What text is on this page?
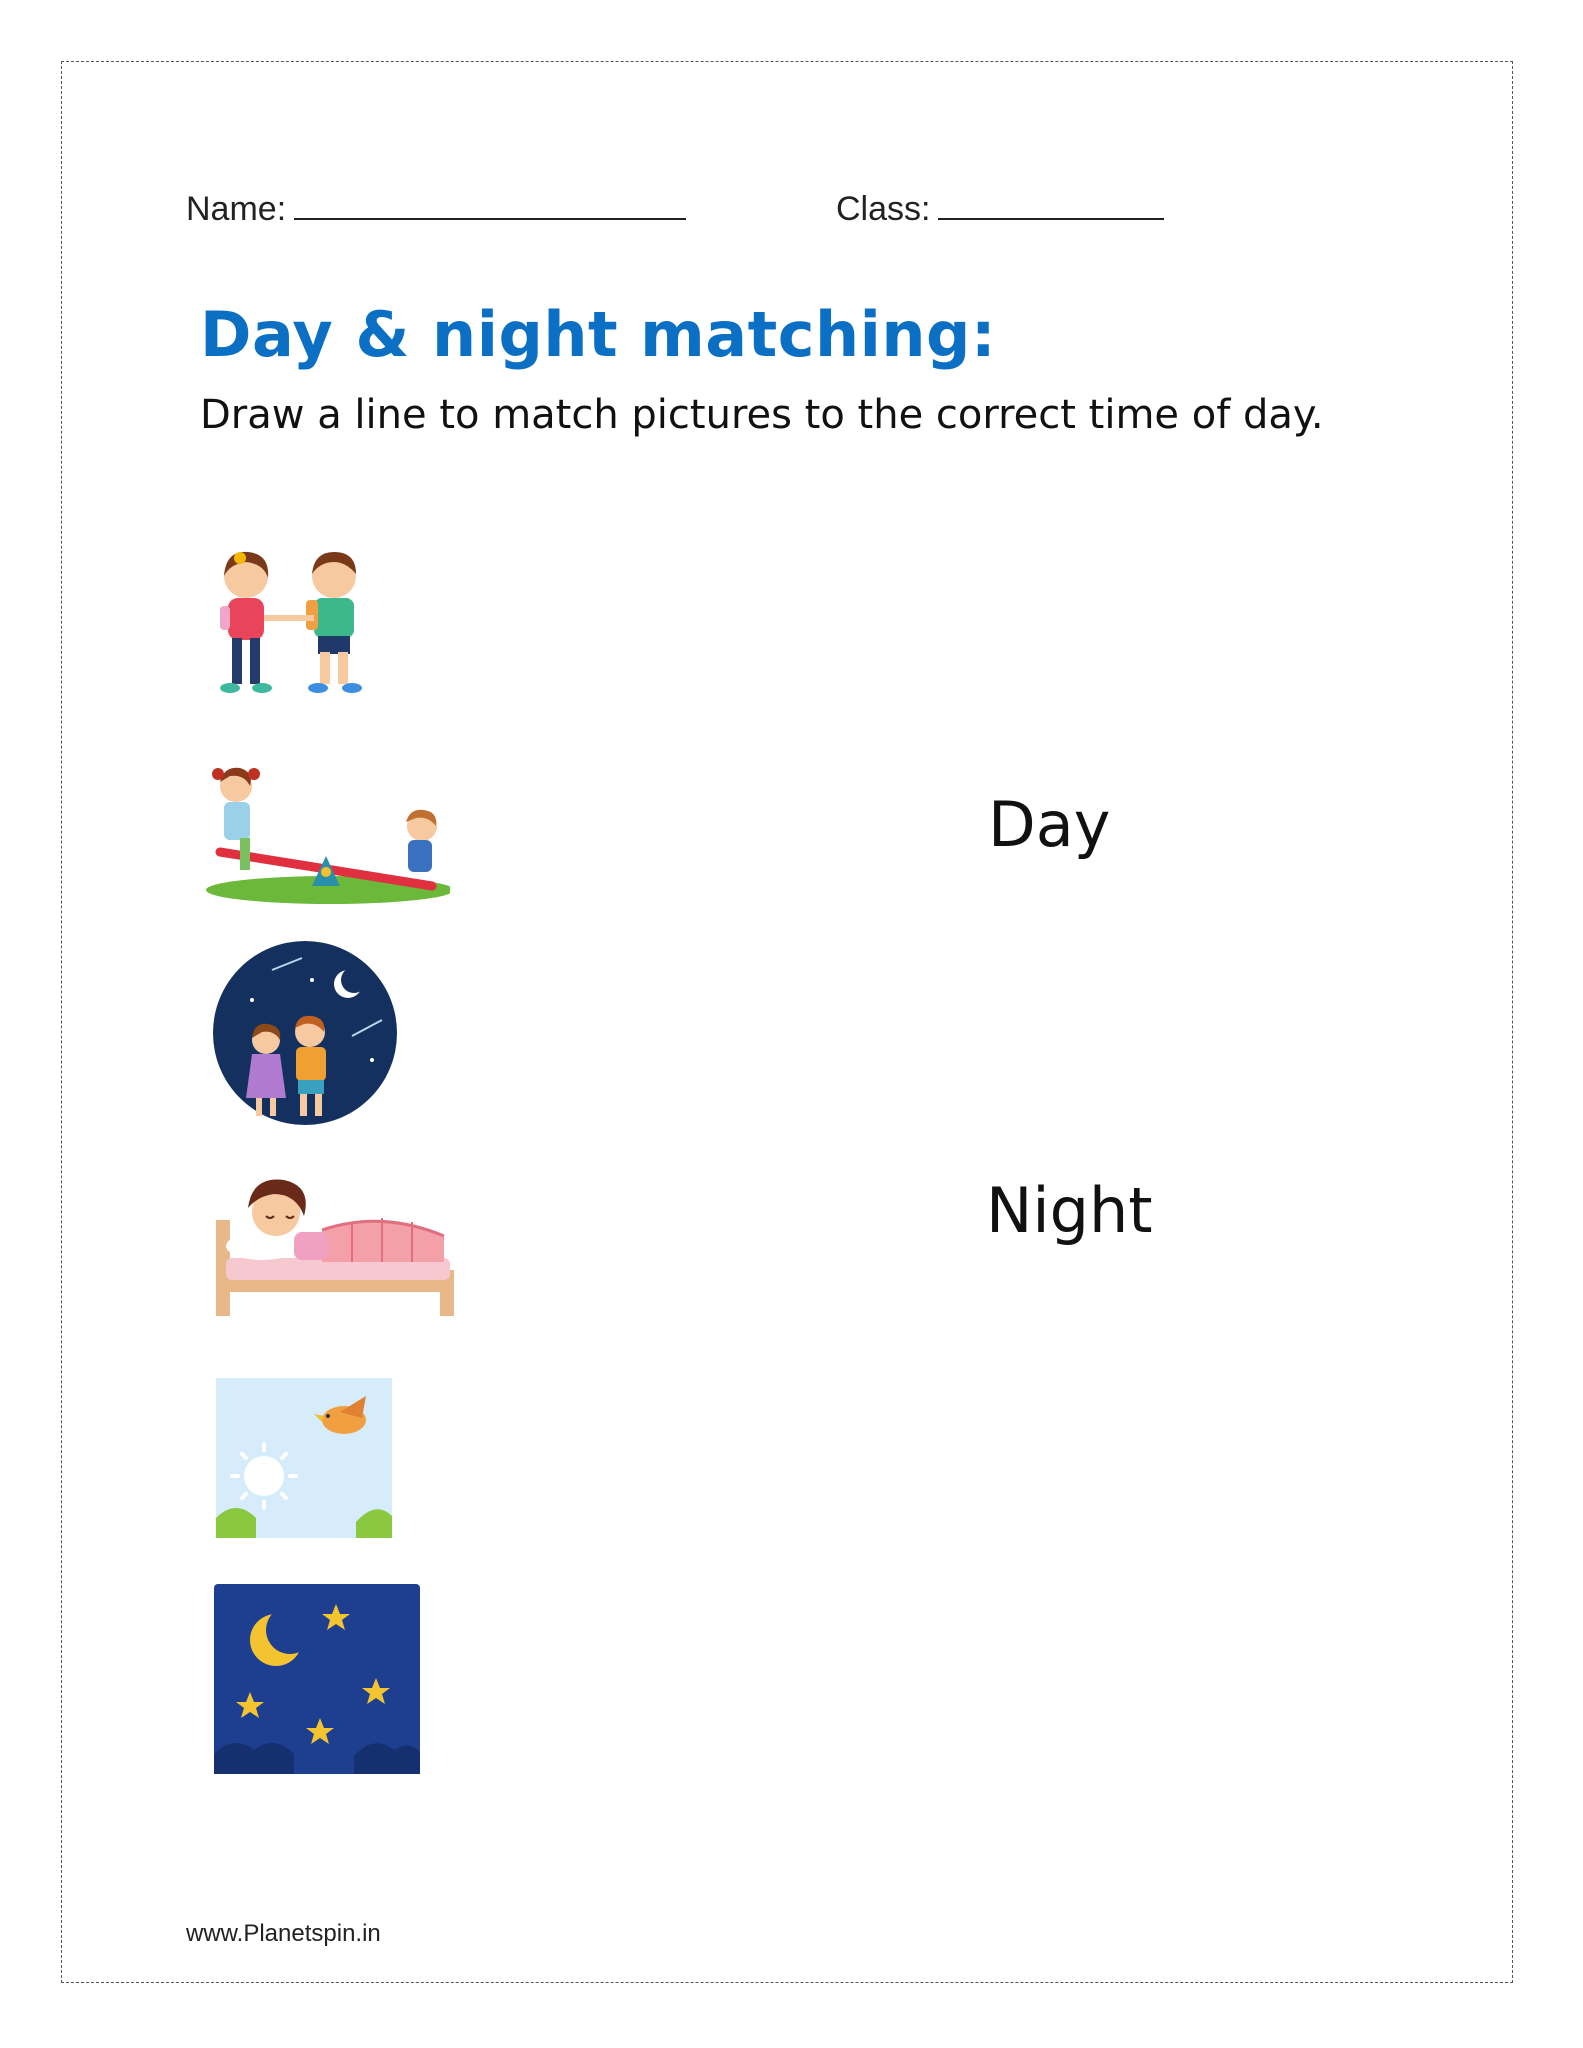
Name:	Class:
Day & night matching:
Draw a line to match pictures to the correct time of day.
Day
Night
www.Planetspin.in
